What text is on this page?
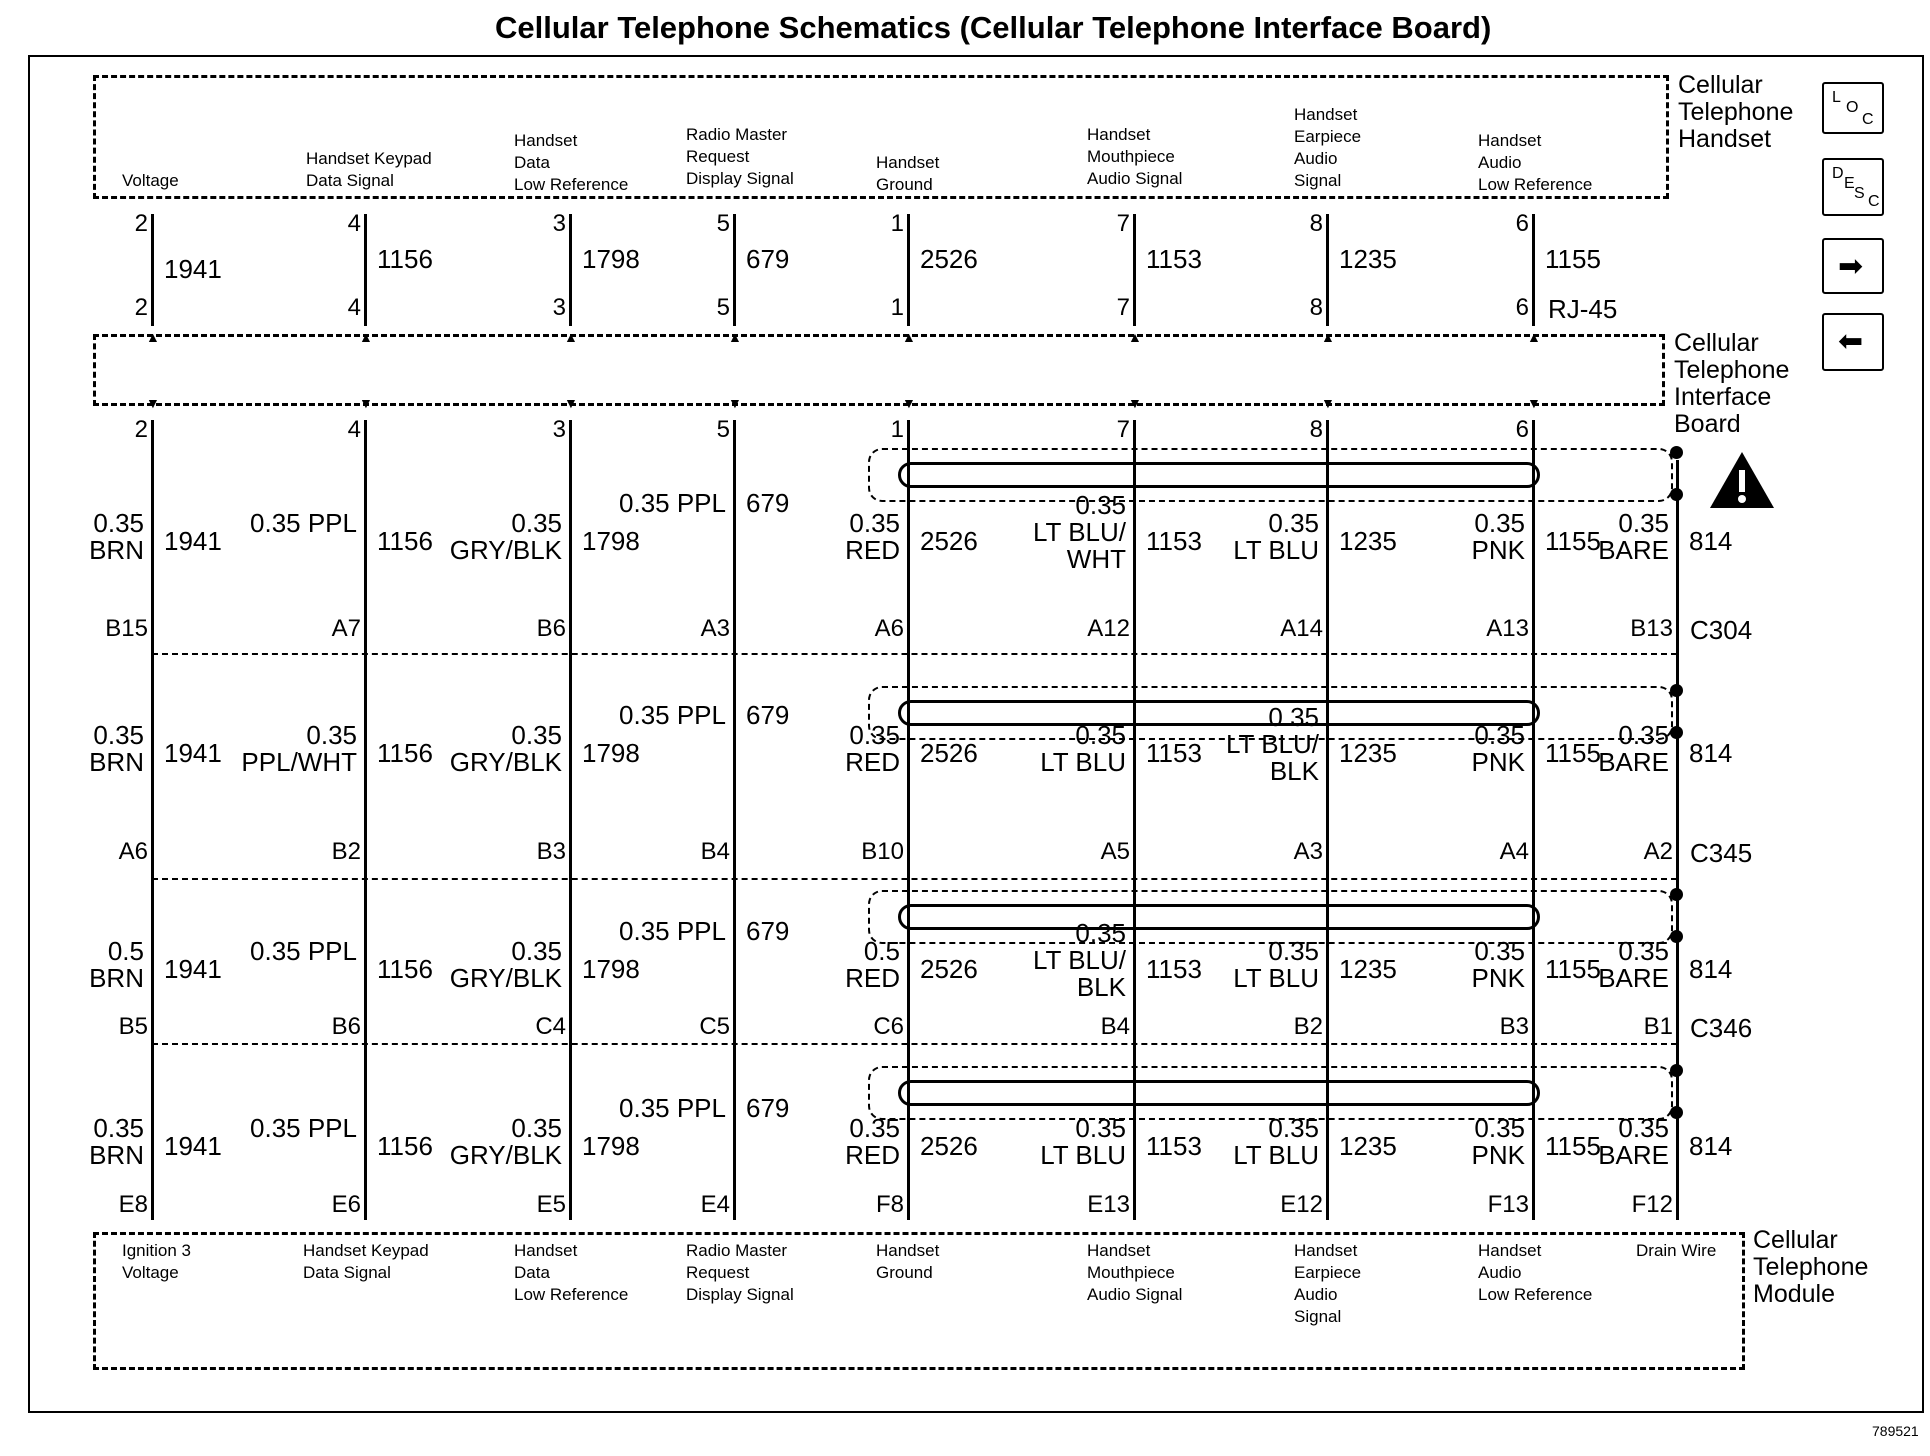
Cellular Telephone Schematics (Cellular Telephone Interface Board)
789521
Cellular
Telephone
Handset
Cellular
Telephone
Interface
Board
Cellular
Telephone
Module
L
O
C
D
E
S C
➡
⬅
Voltage
Handset Keypad
Data Signal
Handset
Data
Low Reference
Radio Master
Request
Display Signal
Handset
Ground
Handset
Mouthpiece
Audio Signal
Handset
Earpiece
Audio
Signal
Handset
Audio
Low Reference
Ignition 3
Voltage
Handset Keypad
Data Signal
Handset
Data
Low Reference
Radio Master
Request
Display Signal
Handset
Ground
Handset
Mouthpiece
Audio Signal
Handset
Earpiece
Audio
Signal
Handset
Audio
Low Reference
Drain Wire
2
2
1941
4
4
1156
3
3
1798
5
5
679
1
1
2526
7
7
1153
8
8
1235
6
6
1155
RJ-45
2	4	3	5	1	7	8	6
B15	A7	B6	A3	A6	A12	A14	A13	B13
0.35
BRN 1941
0.35 PPL
1156
0.35
GRY/BLK 1798
0.35 PPL 679
0.35
RED 2526
0.35
LT BLU/
WHT
1153
0.35
LT BLU 1235
0.35
PNK 1155
0.35
BARE 814
C304
A6	B2	B3	B4	B10	A5	A3	A4	A2
0.35
BRN 1941
0.35
PPL/WHT 1156
0.35
GRY/BLK 1798
0.35 PPL 679
0.35
RED 2526
0.35
LT BLU 1153
0.35
LT BLU/
BLK
1235
0.35
PNK 1155
0.35
BARE 814
C345
B5	B6	C4	C5	C6	B4	B2	B3	B1
0.5
BRN 1941
0.35 PPL
1156
0.35
GRY/BLK 1798
0.35 PPL 679
0.5
RED 2526
0.35
LT BLU/
BLK
1153
0.35
LT BLU 1235
0.35
PNK 1155
0.35
BARE 814
C346
E8	E6	E5	E4	F8	E13	E12	F13	F12
0.35
BRN 1941
0.35 PPL
1156
0.35
GRY/BLK 1798
0.35 PPL 679
0.35
RED 2526
0.35
LT BLU 1153
0.35
LT BLU 1235
0.35
PNK 1155
0.35
BARE 814
▲
▼
▲
▼
▲
▼
▲
▼
▲
▼
▲
▼
▲
▼
▲
▼
